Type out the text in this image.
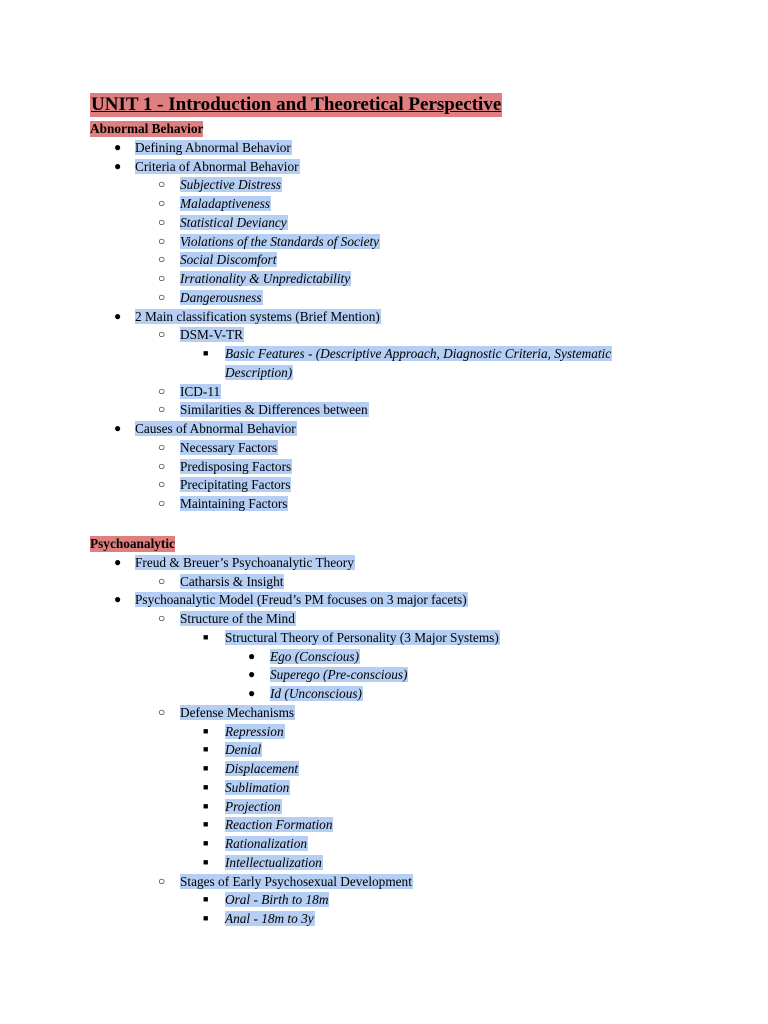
UNIT 1 - Introduction and Theoretical Perspective
Abnormal Behavior
● Defining Abnormal Behavior
● Criteria of Abnormal Behavior
○ Subjective Distress
○ Maladaptiveness
○ Statistical Deviancy
○ Violations of the Standards of Society
○ Social Discomfort
○ Irrationality & Unpredictability
○ Dangerousness
● 2 Main classification systems (Brief Mention)
○ DSM-V-TR
■ Basic Features - (Descriptive Approach, Diagnostic Criteria, Systematic
Description)
○ ICD-11
○ Similarities & Differences between
● Causes of Abnormal Behavior
○ Necessary Factors
○ Predisposing Factors
○ Precipitating Factors
○ Maintaining Factors
Psychoanalytic
● Freud & Breuer’s Psychoanalytic Theory
○ Catharsis & Insight
● Psychoanalytic Model (Freud’s PM focuses on 3 major facets)
○ Structure of the Mind
■ Structural Theory of Personality (3 Major Systems)
● Ego (Conscious)
● Superego (Pre-conscious)
● Id (Unconscious)
○ Defense Mechanisms
■ Repression
■ Denial
■ Displacement
■ Sublimation
■ Projection
■ Reaction Formation
■ Rationalization
■ Intellectualization
○ Stages of Early Psychosexual Development
■ Oral - Birth to 18m
■ Anal - 18m to 3y
